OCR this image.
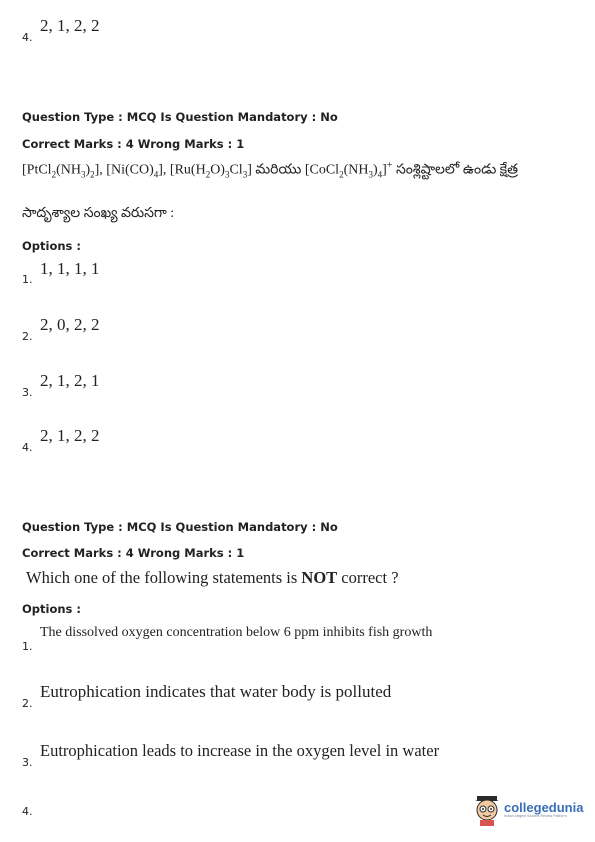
4.
2, 1, 2, 2
Question Type : MCQ Is Question Mandatory : No
Correct Marks : 4 Wrong Marks : 1
$[PtCl_2(NH_3)_2]$, $[Ni(CO)_4]$, $[Ru(H_2O)_3Cl_3]$ మరియు $[CoCl_2(NH_3)_4]^+$ సంశ్లిష్టాలలో ఉండు క్షేత్ర
సాదృశ్యాల సంఖ్య వరుసగా :
Options :
1.
1, 1, 1, 1
2.
2, 0, 2, 2
3.
2, 1, 2, 1
4.
2, 1, 2, 2
Question Type : MCQ Is Question Mandatory : No
Correct Marks : 4 Wrong Marks : 1
Which one of the following statements is NOT correct ?
Options :
1.
The dissolved oxygen concentration below 6 ppm inhibits fish growth
2.
Eutrophication indicates that water body is polluted
3.
Eutrophication leads to increase in the oxygen level in water
4.	collegedunia
India's largest Student Review Platform
